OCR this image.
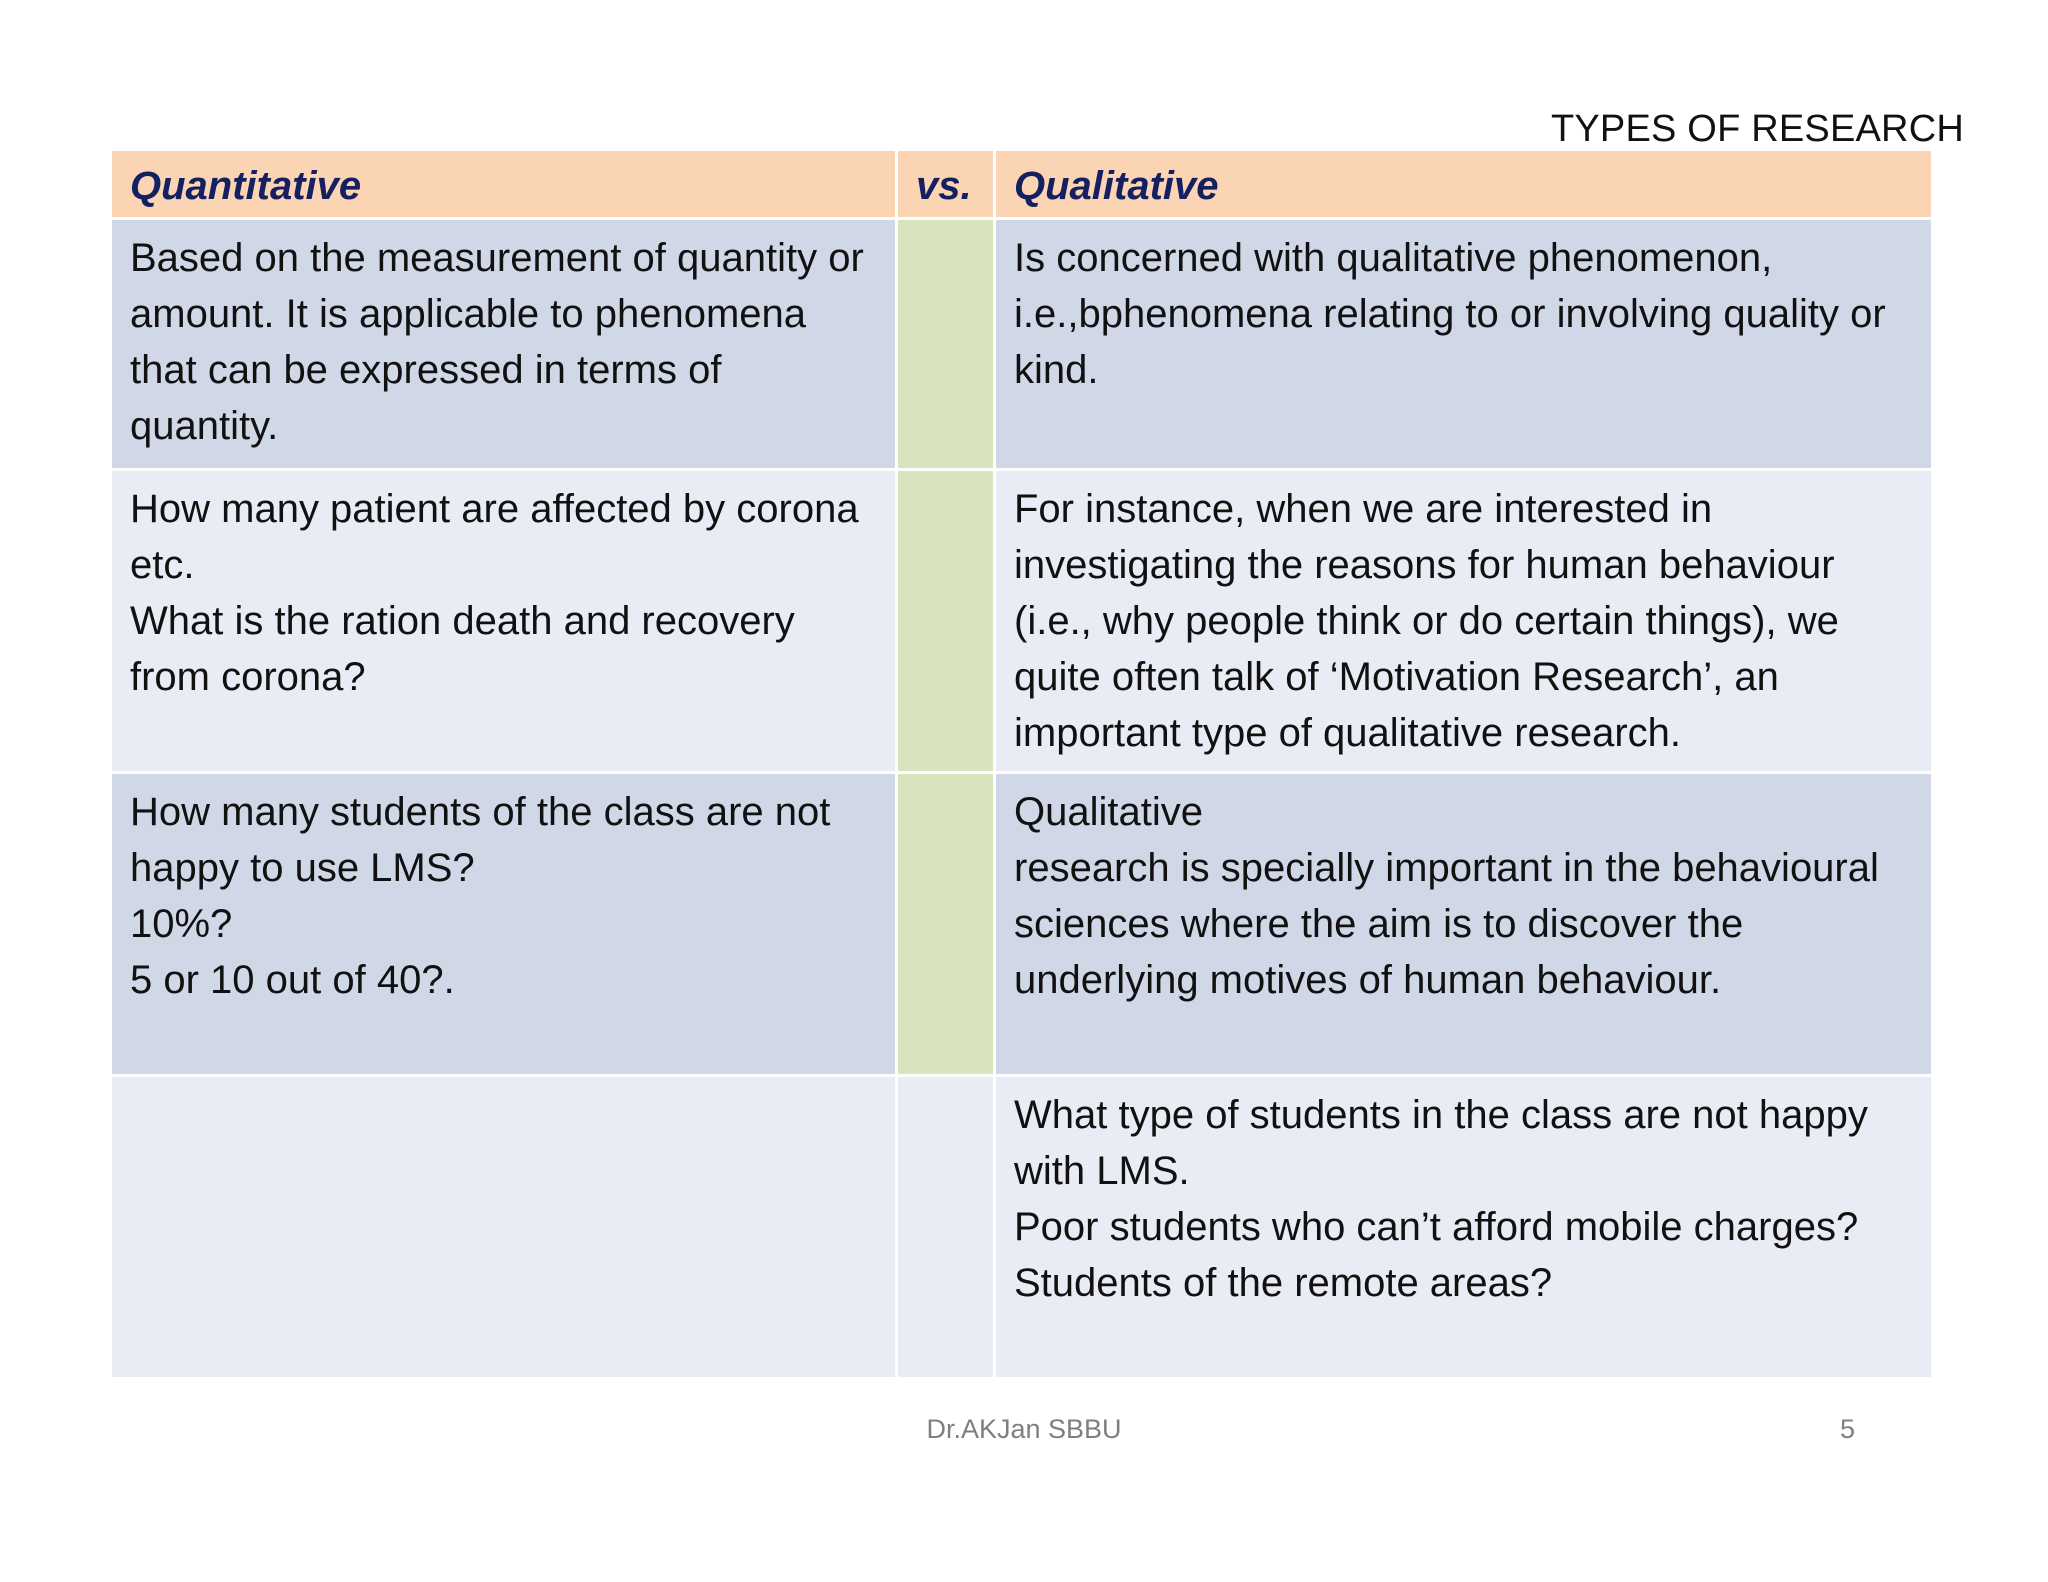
TYPES OF RESEARCH
Quantitative	vs.	Qualitative

Based on the measurement of quantity or amount. It is applicable to phenomena that can be expressed in terms of quantity.		Is concerned with qualitative phenomenon, i.e.,bphenomena relating to or involving quality or kind.

How many patient are affected by corona etc.
What is the ration death and recovery from corona?		For instance, when we are interested in investigating the reasons for human behaviour (i.e., why people think or do certain things), we quite often talk of ‘Motivation Research’, an important type of qualitative research.

How many students of the class are not happy to use LMS?
10%?
5 or 10 out of 40?.		Qualitative
research is specially important in the behavioural sciences where the aim is to discover the
underlying motives of human behaviour.

		What type of students in the class are not happy with LMS.
Poor students who can’t afford mobile charges?
Students of the remote areas?
Dr.AKJan SBBU	5
